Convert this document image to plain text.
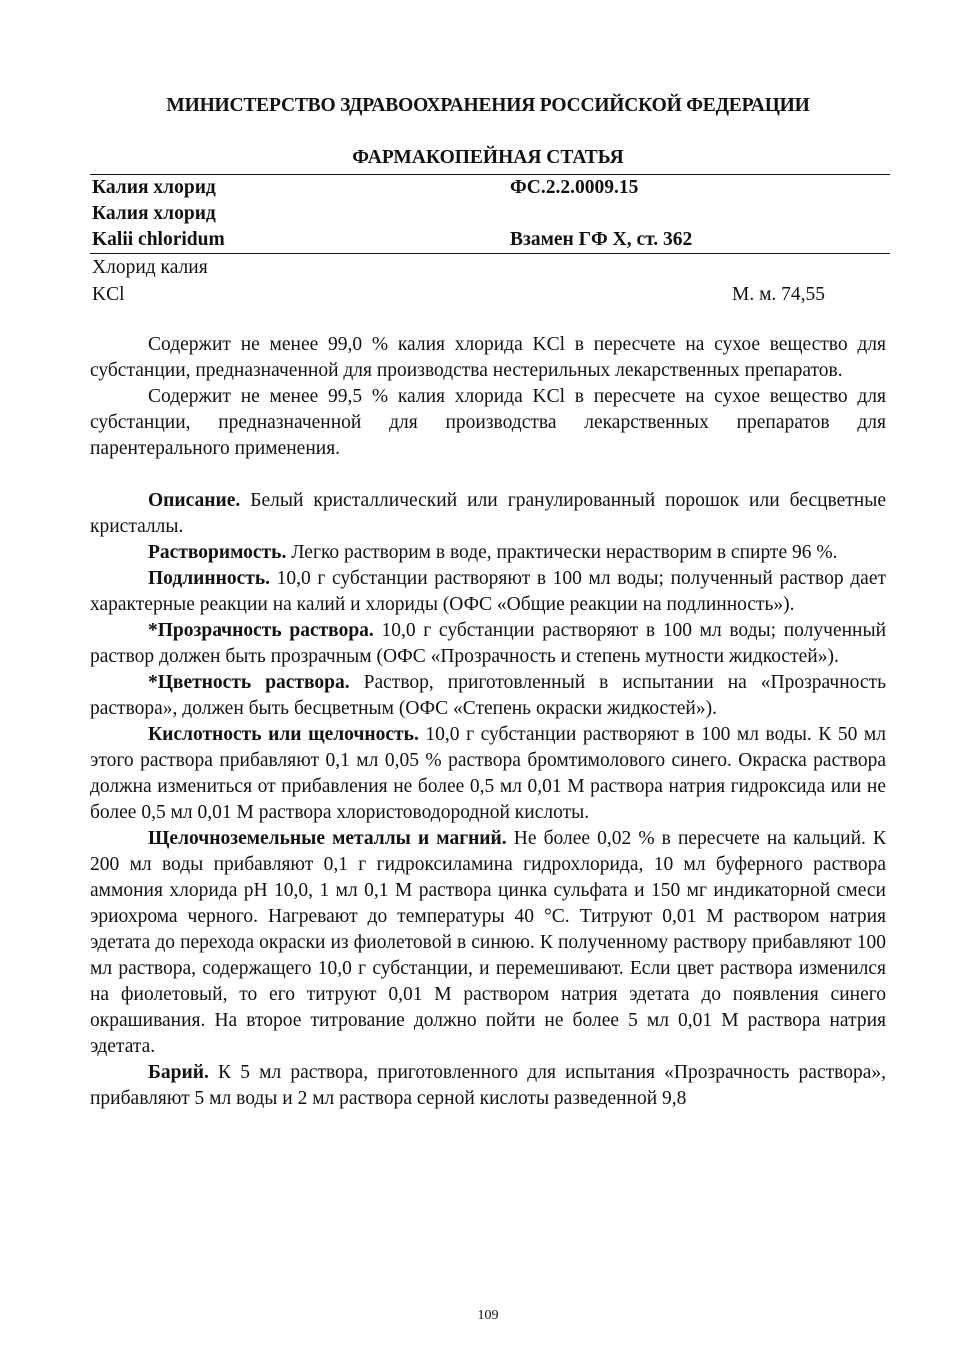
МИНИСТЕРСТВО ЗДРАВООХРАНЕНИЯ РОССИЙСКОЙ ФЕДЕРАЦИИ
ФАРМАКОПЕЙНАЯ СТАТЬЯ
Калия хлорид	ФС.2.2.0009.15
Калия хлорид
Kalii chloridum	Взамен ГФ X, ст. 362
Хлорид калия
KCl	М. м. 74,55

Содержит не менее 99,0 % калия хлорида KCl в пересчете на сухое вещество для субстанции, предназначенной для производства нестерильных лекарственных препаратов.

Содержит не менее 99,5 % калия хлорида KCl в пересчете на сухое вещество для субстанции, предназначенной для производства лекарственных препаратов для парентерального применения.

Описание. Белый кристаллический или гранулированный порошок или бесцветные кристаллы.

Растворимость. Легко растворим в воде, практически нерастворим в спирте 96 %.

Подлинность. 10,0 г субстанции растворяют в 100 мл воды; полученный раствор дает характерные реакции на калий и хлориды (ОФС «Общие реакции на подлинность»).

*Прозрачность раствора. 10,0 г субстанции растворяют в 100 мл воды; полученный раствор должен быть прозрачным (ОФС «Прозрачность и степень мутности жидкостей»).

*Цветность раствора. Раствор, приготовленный в испытании на «Прозрачность раствора», должен быть бесцветным (ОФС «Степень окраски жидкостей»).

Кислотность или щелочность. 10,0 г субстанции растворяют в 100 мл воды. К 50 мл этого раствора прибавляют 0,1 мл 0,05 % раствора бромтимолового синего. Окраска раствора должна измениться от прибавления не более 0,5 мл 0,01 М раствора натрия гидроксида или не более 0,5 мл 0,01 М раствора хлористоводородной кислоты.

Щелочноземельные металлы и магний. Не более 0,02 % в пересчете на кальций. К 200 мл воды прибавляют 0,1 г гидроксиламина гидрохлорида, 10 мл буферного раствора аммония хлорида pH 10,0, 1 мл 0,1 М раствора цинка сульфата и 150 мг индикаторной смеси эриохрома черного. Нагревают до температуры 40 °C. Титруют 0,01 М раствором натрия эдетата до перехода окраски из фиолетовой в синюю. К полученному раствору прибавляют 100 мл раствора, содержащего 10,0 г субстанции, и перемешивают. Если цвет раствора изменился на фиолетовый, то его титруют 0,01 М раствором натрия эдетата до появления синего окрашивания. На второе титрование должно пойти не более 5 мл 0,01 М раствора натрия эдетата.

Барий. К 5 мл раствора, приготовленного для испытания «Прозрачность раствора», прибавляют 5 мл воды и 2 мл раствора серной кислоты разведенной 9,8

109
